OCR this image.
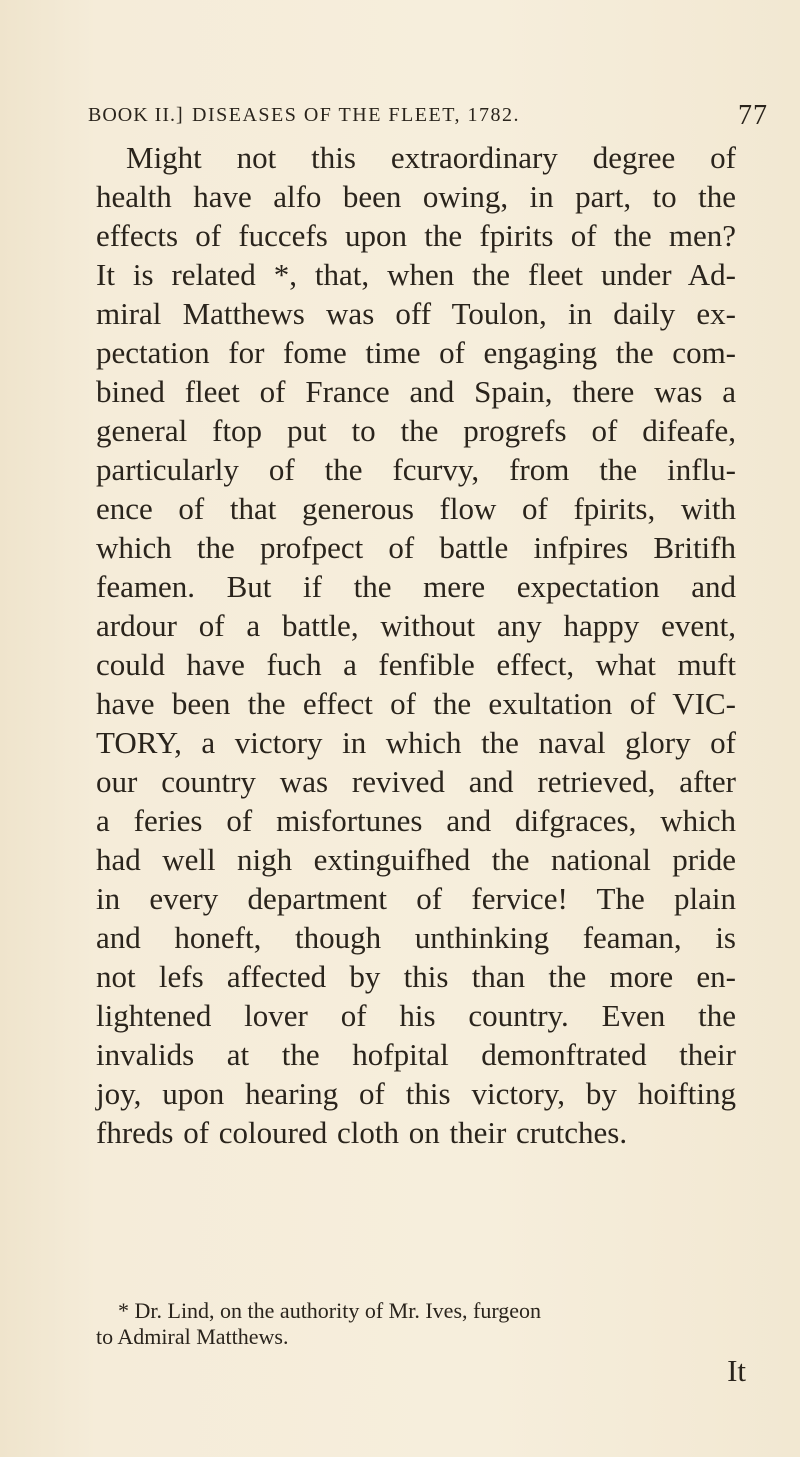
BOOK II.] DISEASES OF THE FLEET, 1782.	77
Might not this extraordinary degree of
health have alfo been owing, in part, to the
effects of fuccefs upon the fpirits of the men?
It is related *, that, when the fleet under Ad-
miral Matthews was off Toulon, in daily ex-
pectation for fome time of engaging the com-
bined fleet of France and Spain, there was a
general ftop put to the progrefs of difeafe,
particularly of the fcurvy, from the influ-
ence of that generous flow of fpirits, with
which the profpect of battle infpires Britifh
feamen. But if the mere expectation and
ardour of a battle, without any happy event,
could have fuch a fenfible effect, what muft
have been the effect of the exultation of VIC-
TORY, a victory in which the naval glory of
our country was revived and retrieved, after
a feries of misfortunes and difgraces, which
had well nigh extinguifhed the national pride
in every department of fervice! The plain
and honeft, though unthinking feaman, is
not lefs affected by this than the more en-
lightened lover of his country. Even the
invalids at the hofpital demonftrated their
joy, upon hearing of this victory, by hoifting
fhreds of coloured cloth on their crutches.
* Dr. Lind, on the authority of Mr. Ives, furgeon
to Admiral Matthews.
It
